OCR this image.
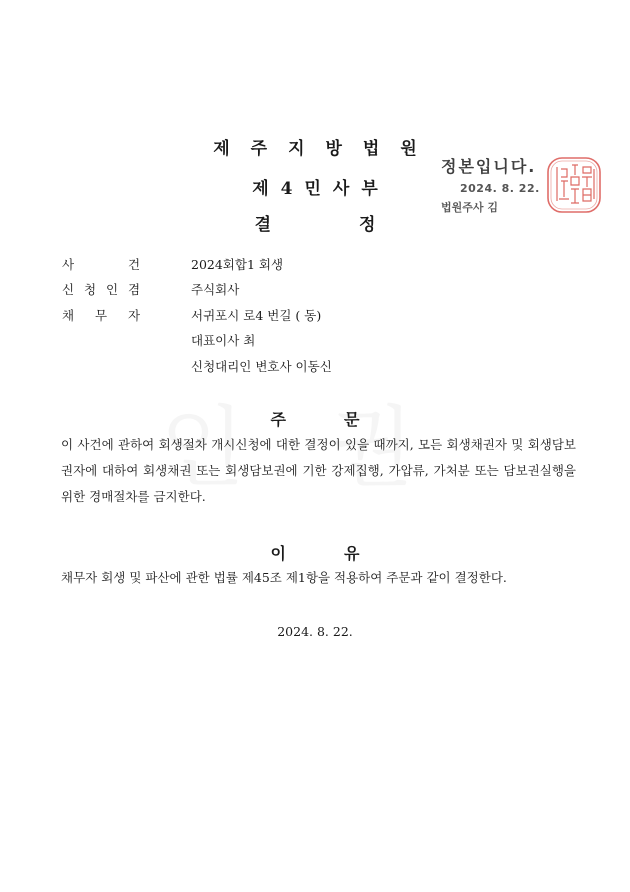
제주지방법원
제4민사부
결	정
정본입니다.
2024. 8. 22.
법원주사 김
사	건	2024회합1 회생
신 청 인 겸	주식회사
채 무 자	서귀포시 로4 번길 ( 동)
대표이사 최
신청대리인 변호사 이동신
주	문
이 사건에 관하여 회생절차 개시신청에 대한 결정이 있을 때까지, 모든 회생채권자 및 회생담보권자에 대하여 회생채권 또는 회생담보권에 기한 강제집행, 가압류, 가처분 또는 담보권실행을 위한 경매절차를 금지한다.
이	유
채무자 회생 및 파산에 관한 법률 제45조 제1항을 적용하여 주문과 같이 결정한다.
2024. 8. 22.
